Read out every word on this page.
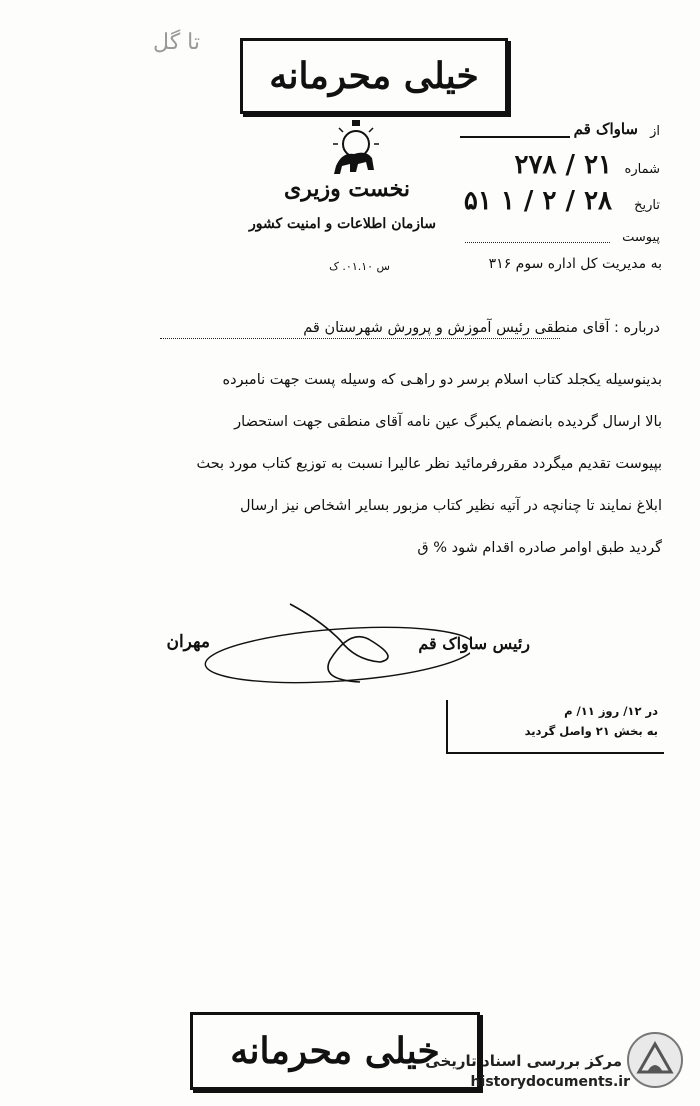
تا گل
خیلی محرمانه
نخست وزیری
سازمان اطلاعات و امنیت کشور
از
ساواک قم
شماره
۲۱ / ۲۷۸
تاریخ
۲۸ / ۲ / ۱ ۵۱
پیوست
به مدیریت کل اداره سوم ۳۱۶
س ۰۱.۱۰. ک
درباره : آقای منطقی رئیس آموزش و پرورش شهرستان قم
بدینوسیله یکجلد کتاب اسلام برسر دو راهـی که وسیله پست جهت نامبرده
بالا ارسال گردیده بانضمام یکبرگ عین نامه آقای منطقی جهت استحضار
بپیوست تقدیم میگردد مقررفرمائید نظر عالیرا نسبت به توزیع کتاب مورد بحث
ابلاغ نمایند تا چنانچه در آتیه نظیر کتاب مزبور بسایر اشخاص نیز ارسال
گردید طبق اوامر صادره اقدام شود % ق
رئیس ساواک قم
مهران
در ۱۲/ روز ۱۱/ م
به بخش ۲۱ واصل گردید
خیلی محرمانه
مرکز بررسی اسناد تاریخی
historydocuments.ir
